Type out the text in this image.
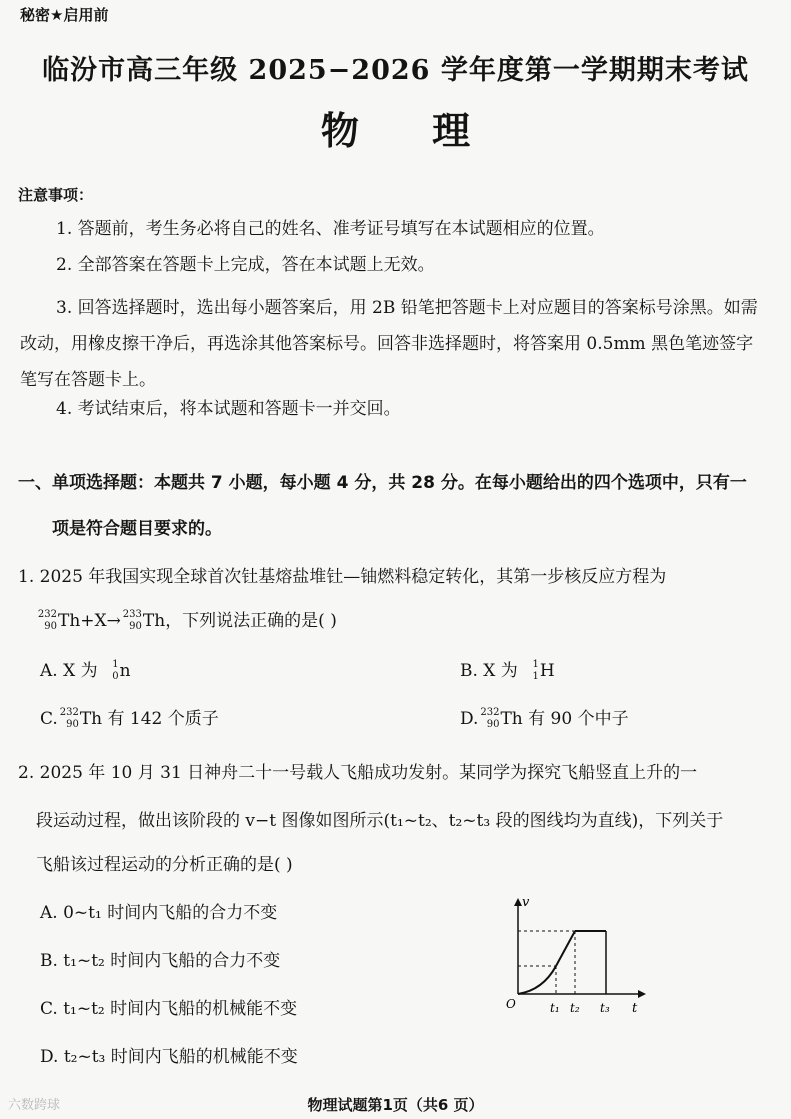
秘密★启用前
临汾市高三年级 2025−2026 学年度第一学期期末考试
物 理
注意事项：
1. 答题前，考生务必将自己的姓名、准考证号填写在本试题相应的位置。
2. 全部答案在答题卡上完成，答在本试题上无效。
3. 回答选择题时，选出每小题答案后，用 2B 铅笔把答题卡上对应题目的答案标号涂黑。如需改动，用橡皮擦干净后，再选涂其他答案标号。回答非选择题时，将答案用 0.5mm 黑色笔迹签字笔写在答题卡上。
4. 考试结束后，将本试题和答题卡一并交回。
一、单项选择题：本题共 7 小题，每小题 4 分，共 28 分。在每小题给出的四个选项中，只有一
项是符合题目要求的。
1. 2025 年我国实现全球首次钍基熔盐堆钍—铀燃料稳定转化，其第一步核反应方程为
232
90 Th+X→ 233
90 Th，下列说法正确的是( )
A. X 为 1
0 n	B. X 为 1
1 H
C. 232
90 Th 有 142 个质子	D. 232
90 Th 有 90 个中子
2. 2025 年 10 月 31 日神舟二十一号载人飞船成功发射。某同学为探究飞船竖直上升的一
段运动过程，做出该阶段的 v−t 图像如图所示(t₁~t₂、t₂~t₃ 段的图线均为直线)，下列关于
飞船该过程运动的分析正确的是( )
A. 0~t₁ 时间内飞船的合力不变
B. t₁~t₂ 时间内飞船的合力不变
C. t₁~t₂ 时间内飞船的机械能不变
D. t₂~t₃ 时间内飞船的机械能不变
v
t
O	t₁ t₂ t₃
六数跨球	物理试题第1页（共6 页）
